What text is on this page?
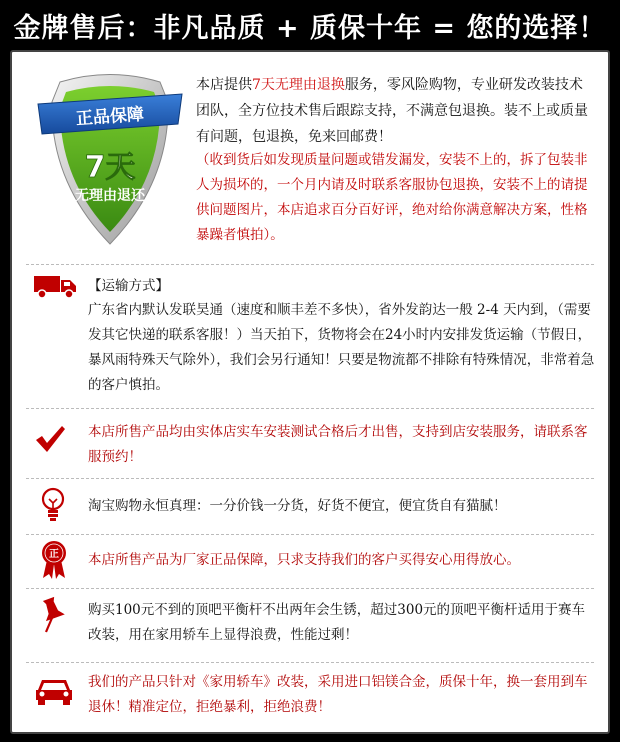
金牌售后：非凡品质 + 质保十年 = 您的选择！
正品保障
7天
无理由退还
本店提供7天无理由退换服务，零风险购物，专业研发改装技术团队，全方位技术售后跟踪支持，不满意包退换。装不上或质量有问题，包退换，免来回邮费！
（收到货后如发现质量问题或错发漏发，安装不上的，拆了包装非人为损坏的，一个月内请及时联系客服协包退换，安装不上的请提供问题图片，本店追求百分百好评，绝对给你满意解决方案，性格暴躁者慎拍）。
【运输方式】
广东省内默认发联昊通（速度和顺丰差不多快），省外发韵达一般 2-4 天内到，（需要发其它快递的联系客服！）当天拍下，货物将会在24小时内安排发货运输（节假日，暴风雨特殊天气除外），我们会另行通知！只要是物流都不排除有特殊情况，非常着急的客户慎拍。
本店所售产品均由实体店实车安装测试合格后才出售，支持到店安装服务，请联系客服预约！
淘宝购物永恒真理：一分价钱一分货，好货不便宜，便宜货自有猫腻！
正 本店所售产品为厂家正品保障，只求支持我们的客户买得安心用得放心。
购买100元不到的顶吧平衡杆不出两年会生锈，超过300元的顶吧平衡杆适用于赛车改装，用在家用轿车上显得浪费，性能过剩！
我们的产品只针对《家用轿车》改装，采用进口铝镁合金，质保十年，换一套用到车退休！精准定位，拒绝暴利，拒绝浪费！
